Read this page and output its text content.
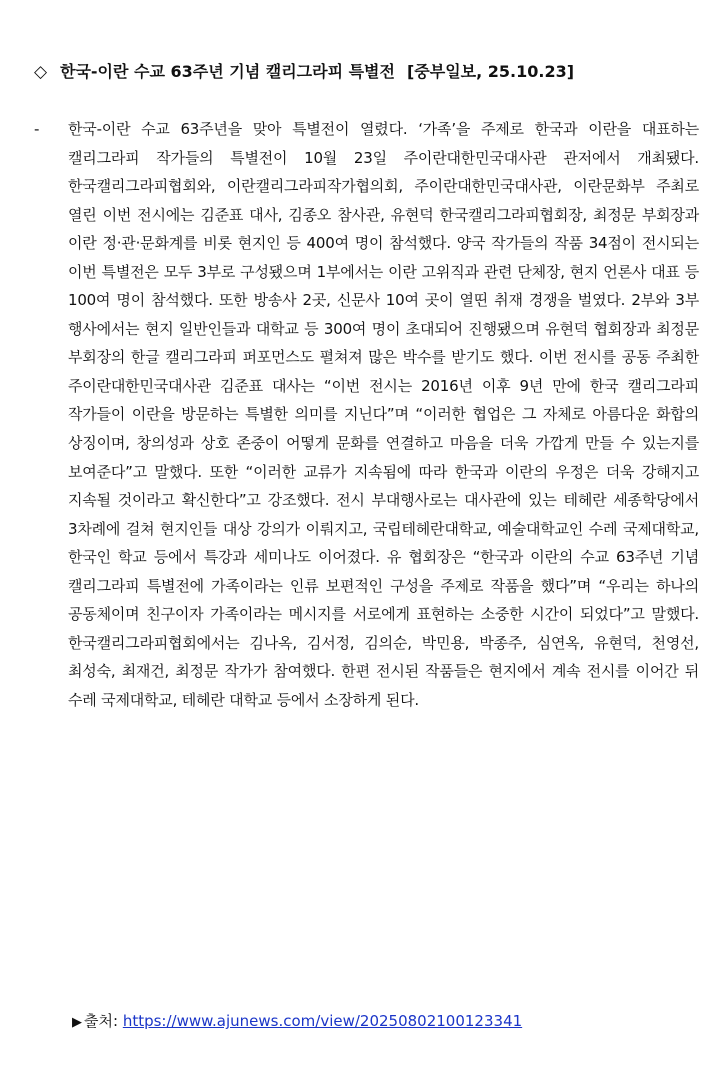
◇ 한국-이란 수교 63주년 기념 캘리그라피 특별전 [중부일보, 25.10.23]
- 한국-이란 수교 63주년을 맞아 특별전이 열렸다. ‘가족’을 주제로 한국과 이란을 대표하는 캘리그라피 작가들의 특별전이 10월 23일 주이란대한민국대사관 관저에서 개최됐다. 한국캘리그라피협회와, 이란캘리그라피작가협의회, 주이란대한민국대사관, 이란문화부 주최로 열린 이번 전시에는 김준표 대사, 김종오 참사관, 유현덕 한국캘리그라피협회장, 최정문 부회장과 이란 정·관·문화계를 비롯 현지인 등 400여 명이 참석했다. 양국 작가들의 작품 34점이 전시되는 이번 특별전은 모두 3부로 구성됐으며 1부에서는 이란 고위직과 관련 단체장, 현지 언론사 대표 등 100여 명이 참석했다. 또한 방송사 2곳, 신문사 10여 곳이 열띤 취재 경쟁을 벌였다. 2부와 3부 행사에서는 현지 일반인들과 대학교 등 300여 명이 초대되어 진행됐으며 유현덕 협회장과 최정문 부회장의 한글 캘리그라피 퍼포먼스도 펼쳐져 많은 박수를 받기도 했다. 이번 전시를 공동 주최한 주이란대한민국대사관 김준표 대사는 “이번 전시는 2016년 이후 9년 만에 한국 캘리그라피 작가들이 이란을 방문하는 특별한 의미를 지닌다”며 “이러한 협업은 그 자체로 아름다운 화합의 상징이며, 창의성과 상호 존중이 어떻게 문화를 연결하고 마음을 더욱 가깝게 만들 수 있는지를 보여준다”고 말했다. 또한 “이러한 교류가 지속됨에 따라 한국과 이란의 우정은 더욱 강해지고 지속될 것이라고 확신한다”고 강조했다. 전시 부대행사로는 대사관에 있는 테헤란 세종학당에서 3차례에 걸쳐 현지인들 대상 강의가 이뤄지고, 국립테헤란대학교, 예술대학교인 수레 국제대학교, 한국인 학교 등에서 특강과 세미나도 이어졌다. 유 협회장은 “한국과 이란의 수교 63주년 기념 캘리그라피 특별전에 가족이라는 인류 보편적인 구성을 주제로 작품을 했다”며 “우리는 하나의 공동체이며 친구이자 가족이라는 메시지를 서로에게 표현하는 소중한 시간이 되었다”고 말했다. 한국캘리그라피협회에서는 김나옥, 김서정, 김의순, 박민용, 박종주, 심연옥, 유현덕, 천영선, 최성숙, 최재건, 최정문 작가가 참여했다. 한편 전시된 작품들은 현지에서 계속 전시를 이어간 뒤 수레 국제대학교, 테헤란 대학교 등에서 소장하게 된다.
▶ 출처: https://www.ajunews.com/view/20250802100123341
